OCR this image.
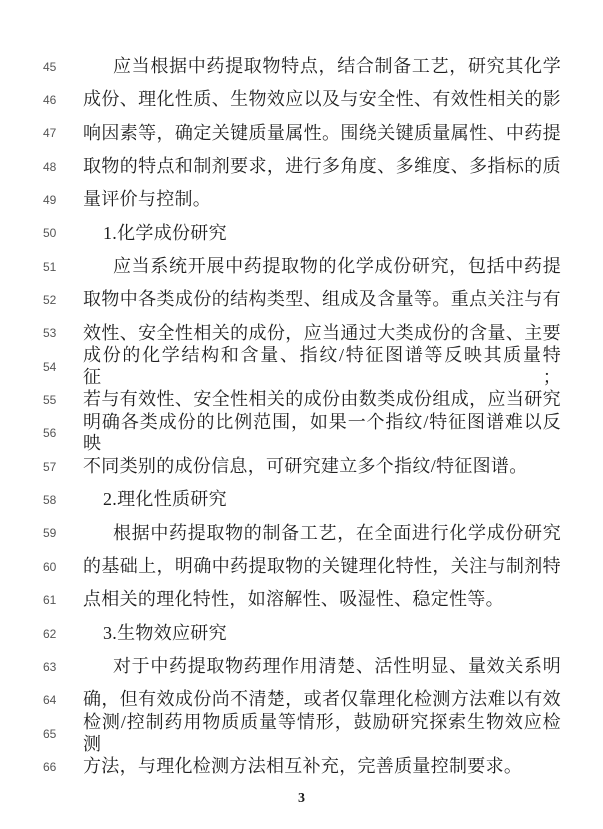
45	应当根据中药提取物特点，结合制备工艺，研究其化学
46	成份、理化性质、生物效应以及与安全性、有效性相关的影
47	响因素等，确定关键质量属性。围绕关键质量属性、中药提
48	取物的特点和制剂要求，进行多角度、多维度、多指标的质
49	量评价与控制。
50	1.化学成份研究
51	应当系统开展中药提取物的化学成份研究，包括中药提
52	取物中各类成份的结构类型、组成及含量等。重点关注与有
53	效性、安全性相关的成份，应当通过大类成份的含量、主要
54
成份的化学结构和含量、指纹/特征图谱等反映其质量特征；
55	若与有效性、安全性相关的成份由数类成份组成，应当研究
56
明确各类成份的比例范围，如果一个指纹/特征图谱难以反映
57	不同类别的成份信息，可研究建立多个指纹/特征图谱。
58	2.理化性质研究
59	根据中药提取物的制备工艺，在全面进行化学成份研究
60	的基础上，明确中药提取物的关键理化特性，关注与制剂特
61	点相关的理化特性，如溶解性、吸湿性、稳定性等。
62	3.生物效应研究
63	对于中药提取物药理作用清楚、活性明显、量效关系明
64	确，但有效成份尚不清楚，或者仅靠理化检测方法难以有效
65
检测/控制药用物质质量等情形，鼓励研究探索生物效应检测
66	方法，与理化检测方法相互补充，完善质量控制要求。
3
